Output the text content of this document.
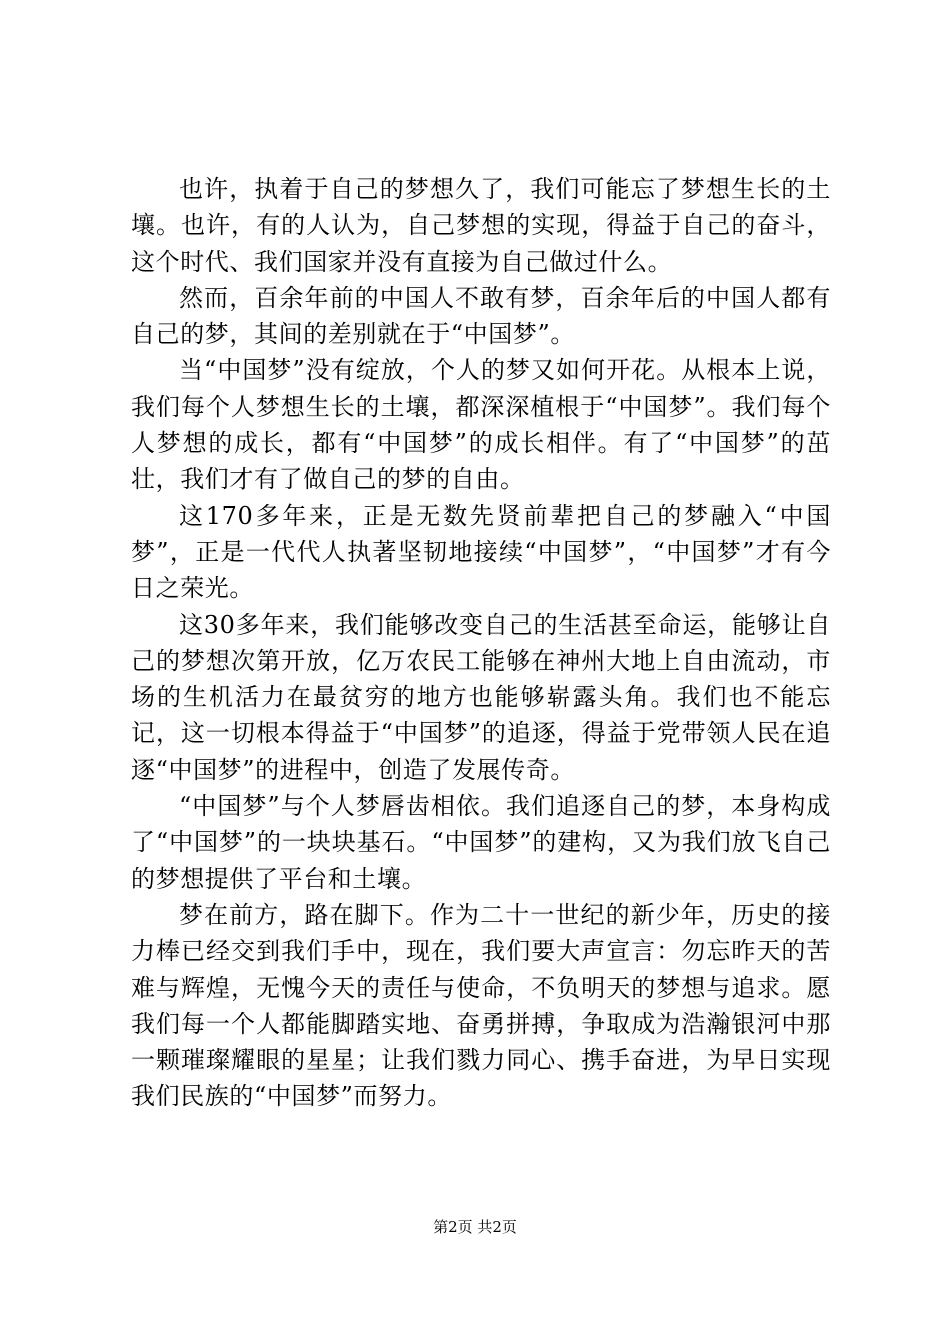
也许，执着于自己的梦想久了，我们可能忘了梦想生长的土壤。也许，有的人认为，自己梦想的实现，得益于自己的奋斗，这个时代、我们国家并没有直接为自己做过什么。

然而，百余年前的中国人不敢有梦，百余年后的中国人都有自己的梦，其间的差别就在于“中国梦”。

当“中国梦”没有绽放，个人的梦又如何开花。从根本上说，我们每个人梦想生长的土壤，都深深植根于“中国梦”。我们每个人梦想的成长，都有“中国梦”的成长相伴。有了“中国梦”的茁壮，我们才有了做自己的梦的自由。

这170多年来，正是无数先贤前辈把自己的梦融入“中国梦”，正是一代代人执著坚韧地接续“中国梦”，“中国梦”才有今日之荣光。

这30多年来，我们能够改变自己的生活甚至命运，能够让自己的梦想次第开放，亿万农民工能够在神州大地上自由流动，市场的生机活力在最贫穷的地方也能够崭露头角。我们也不能忘记，这一切根本得益于“中国梦”的追逐，得益于党带领人民在追逐“中国梦”的进程中，创造了发展传奇。

“中国梦”与个人梦唇齿相依。我们追逐自己的梦，本身构成了“中国梦”的一块块基石。“中国梦”的建构，又为我们放飞自己的梦想提供了平台和土壤。

梦在前方，路在脚下。作为二十一世纪的新少年，历史的接力棒已经交到我们手中，现在，我们要大声宣言：勿忘昨天的苦难与辉煌，无愧今天的责任与使命，不负明天的梦想与追求。愿我们每一个人都能脚踏实地、奋勇拼搏，争取成为浩瀚银河中那一颗璀璨耀眼的星星；让我们戮力同心、携手奋进，为早日实现我们民族的“中国梦”而努力。

第2页 共2页
